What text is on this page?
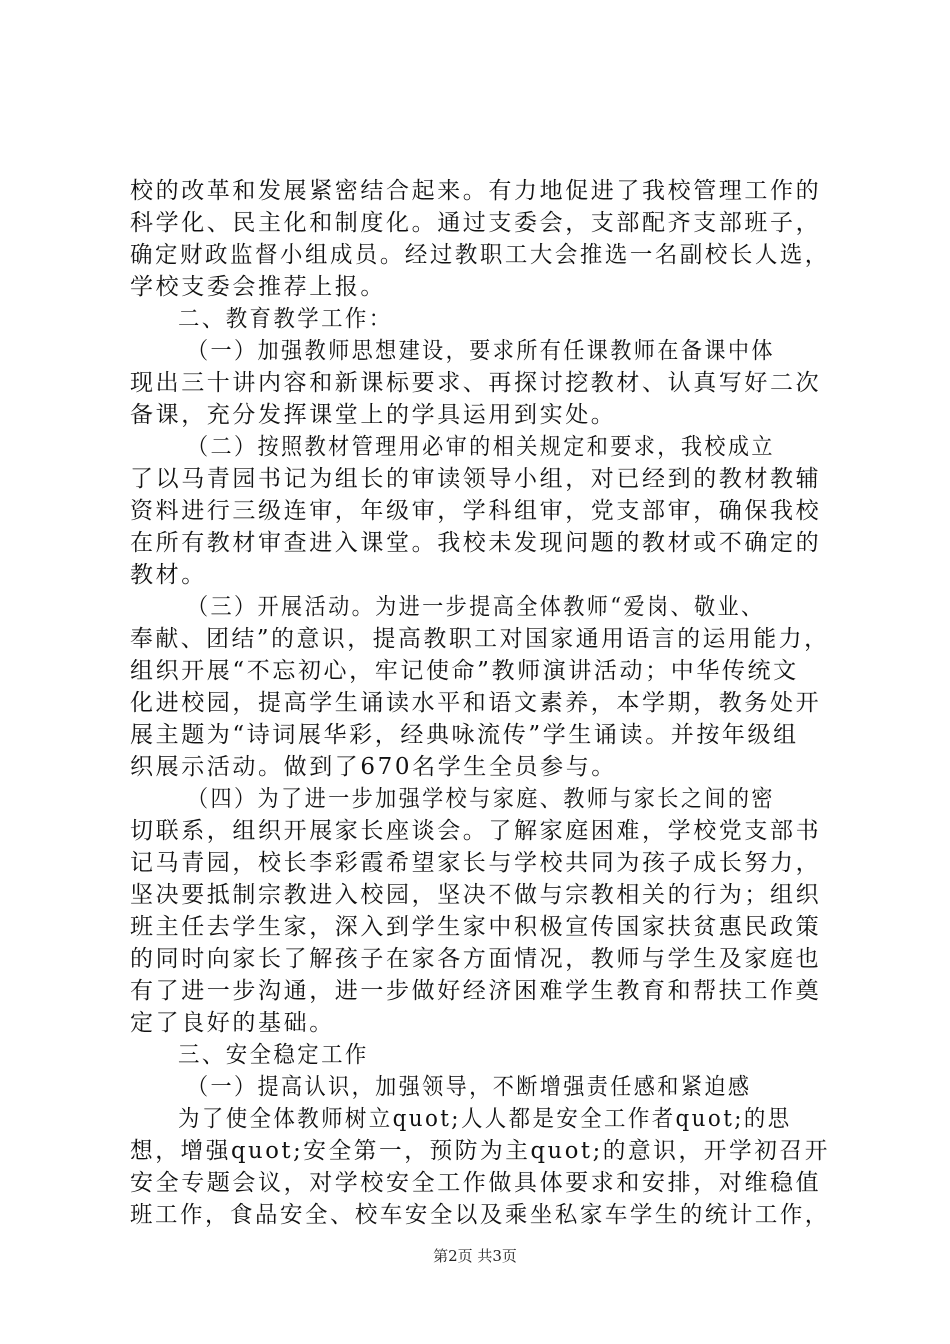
校的改革和发展紧密结合起来。有力地促进了我校管理工作的
科学化、民主化和制度化。通过支委会，支部配齐支部班子，
确定财政监督小组成员。经过教职工大会推选一名副校长人选，
学校支委会推荐上报。
二、教育教学工作：
（一）加强教师思想建设，要求所有任课教师在备课中体
现出三十讲内容和新课标要求、再探讨挖教材、认真写好二次
备课，充分发挥课堂上的学具运用到实处。
（二）按照教材管理用必审的相关规定和要求，我校成立
了以马青园书记为组长的审读领导小组，对已经到的教材教辅
资料进行三级连审，年级审，学科组审，党支部审，确保我校
在所有教材审查进入课堂。我校未发现问题的教材或不确定的
教材。
（三）开展活动。为进一步提高全体教师“爱岗、敬业、
奉献、团结”的意识，提高教职工对国家通用语言的运用能力，
组织开展“不忘初心，牢记使命”教师演讲活动；中华传统文
化进校园，提高学生诵读水平和语文素养，本学期，教务处开
展主题为“诗词展华彩，经典咏流传”学生诵读。并按年级组
织展示活动。做到了670名学生全员参与。
（四）为了进一步加强学校与家庭、教师与家长之间的密
切联系，组织开展家长座谈会。了解家庭困难，学校党支部书
记马青园，校长李彩霞希望家长与学校共同为孩子成长努力，
坚决要抵制宗教进入校园，坚决不做与宗教相关的行为；组织
班主任去学生家，深入到学生家中积极宣传国家扶贫惠民政策
的同时向家长了解孩子在家各方面情况，教师与学生及家庭也
有了进一步沟通，进一步做好经济困难学生教育和帮扶工作奠
定了良好的基础。
三、安全稳定工作
（一）提高认识，加强领导，不断增强责任感和紧迫感
为了使全体教师树立quot;人人都是安全工作者quot;的思
想，增强quot;安全第一，预防为主quot;的意识，开学初召开
安全专题会议，对学校安全工作做具体要求和安排，对维稳值
班工作，食品安全、校车安全以及乘坐私家车学生的统计工作，
第2页 共3页
